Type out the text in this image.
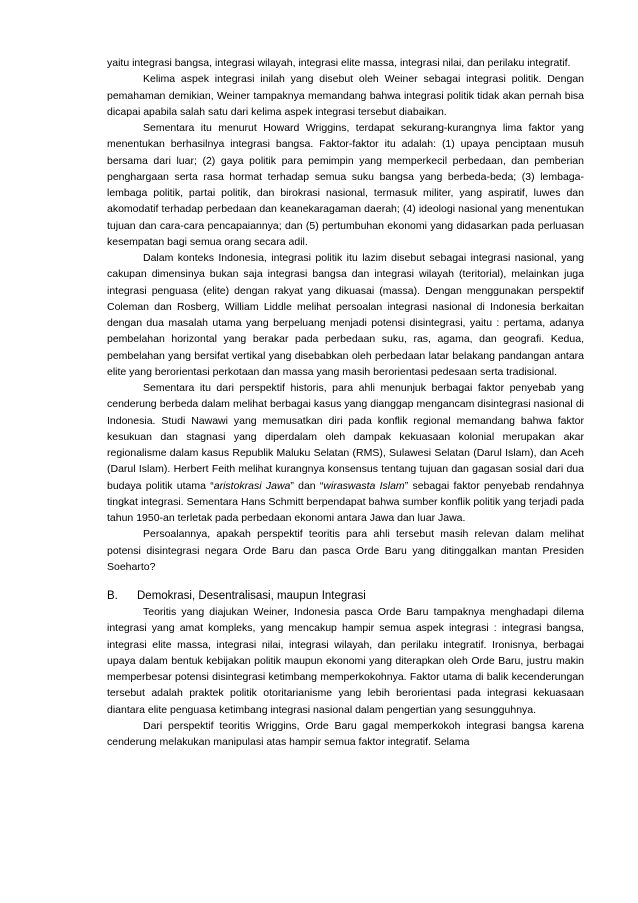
yaitu integrasi bangsa, integrasi wilayah, integrasi elite massa, integrasi nilai, dan perilaku integratif.

Kelima aspek integrasi inilah yang disebut oleh Weiner sebagai integrasi politik. Dengan pemahaman demikian, Weiner tampaknya memandang bahwa integrasi politik tidak akan pernah bisa dicapai apabila salah satu dari kelima aspek integrasi tersebut diabaikan.

Sementara itu menurut Howard Wriggins, terdapat sekurang-kurangnya lima faktor yang menentukan berhasilnya integrasi bangsa. Faktor-faktor itu adalah: (1) upaya penciptaan musuh bersama dari luar; (2) gaya politik para pemimpin yang memperkecil perbedaan, dan pemberian penghargaan serta rasa hormat terhadap semua suku bangsa yang berbeda-beda; (3) lembaga-lembaga politik, partai politik, dan birokrasi nasional, termasuk militer, yang aspiratif, luwes dan akomodatif terhadap perbedaan dan keanekaragaman daerah; (4) ideologi nasional yang menentukan tujuan dan cara-cara pencapaiannya; dan (5) pertumbuhan ekonomi yang didasarkan pada perluasan kesempatan bagi semua orang secara adil.

Dalam konteks Indonesia, integrasi politik itu lazim disebut sebagai integrasi nasional, yang cakupan dimensinya bukan saja integrasi bangsa dan integrasi wilayah (teritorial), melainkan juga integrasi penguasa (elite) dengan rakyat yang dikuasai (massa). Dengan menggunakan perspektif Coleman dan Rosberg, William Liddle melihat persoalan integrasi nasional di Indonesia berkaitan dengan dua masalah utama yang berpeluang menjadi potensi disintegrasi, yaitu : pertama, adanya pembelahan horizontal yang berakar pada perbedaan suku, ras, agama, dan geografi. Kedua, pembelahan yang bersifat vertikal yang disebabkan oleh perbedaan latar belakang pandangan antara elite yang berorientasi perkotaan dan massa yang masih berorientasi pedesaan serta tradisional.

Sementara itu dari perspektif historis, para ahli menunjuk berbagai faktor penyebab yang cenderung berbeda dalam melihat berbagai kasus yang dianggap mengancam disintegrasi nasional di Indonesia. Studi Nawawi yang memusatkan diri pada konflik regional memandang bahwa faktor kesukuan dan stagnasi yang diperdalam oleh dampak kekuasaan kolonial merupakan akar regionalisme dalam kasus Republik Maluku Selatan (RMS), Sulawesi Selatan (Darul Islam), dan Aceh (Darul Islam). Herbert Feith melihat kurangnya konsensus tentang tujuan dan gagasan sosial dari dua budaya politik utama “aristokrasi Jawa” dan “wiraswasta Islam” sebagai faktor penyebab rendahnya tingkat integrasi. Sementara Hans Schmitt berpendapat bahwa sumber konflik politik yang terjadi pada tahun 1950-an terletak pada perbedaan ekonomi antara Jawa dan luar Jawa.

Persoalannya, apakah perspektif teoritis para ahli tersebut masih relevan dalam melihat potensi disintegrasi negara Orde Baru dan pasca Orde Baru yang ditinggalkan mantan Presiden Soeharto?

B.	Demokrasi, Desentralisasi, maupun Integrasi

Teoritis yang diajukan Weiner, Indonesia pasca Orde Baru tampaknya menghadapi dilema integrasi yang amat kompleks, yang mencakup hampir semua aspek integrasi : integrasi bangsa, integrasi elite massa, integrasi nilai, integrasi wilayah, dan perilaku integratif. Ironisnya, berbagai upaya dalam bentuk kebijakan politik maupun ekonomi yang diterapkan oleh Orde Baru, justru makin memperbesar potensi disintegrasi ketimbang memperkokohnya. Faktor utama di balik kecenderungan tersebut adalah praktek politik otoritarianisme yang lebih berorientasi pada integrasi kekuasaan diantara elite penguasa ketimbang integrasi nasional dalam pengertian yang sesungguhnya.

Dari perspektif teoritis Wriggins, Orde Baru gagal memperkokoh integrasi bangsa karena cenderung melakukan manipulasi atas hampir semua faktor integratif. Selama
